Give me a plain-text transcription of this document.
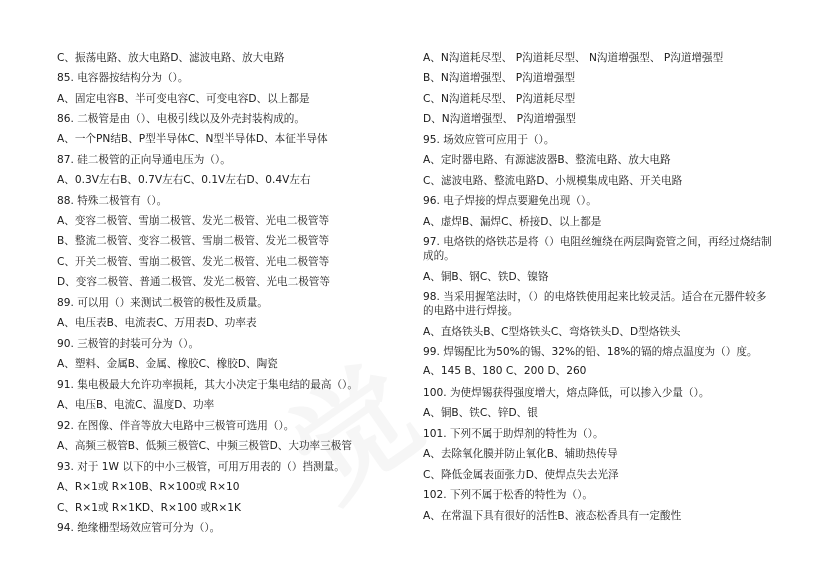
C、振荡电路、放大电路D、滤波电路、放大电路
85. 电容器按结构分为（）。
A、固定电容B、半可变电容C、可变电容D、以上都是
86. 二极管是由（）、电极引线以及外壳封装构成的。
A、一个PN结B、P型半导体C、N型半导体D、本征半导体
87. 硅二极管的正向导通电压为（）。
A、0.3V左右B、0.7V左右C、0.1V左右D、0.4V左右
88. 特殊二极管有（）。
A、变容二极管、雪崩二极管、发光二极管、光电二极管等
B、整流二极管、变容二极管、雪崩二极管、发光二极管等
C、开关二极管、雪崩二极管、发光二极管、光电二极管等
D、变容二极管、普通二极管、发光二极管、光电二极管等
89. 可以用（）来测试二极管的极性及质量。
A、电压表B、电流表C、万用表D、功率表
90. 三极管的封装可分为（）。
A、塑料、金属B、金属、橡胶C、橡胶D、陶瓷
91. 集电极最大允许功率损耗，其大小决定于集电结的最高（）。
A、电压B、电流C、温度D、功率
92. 在图像、伴音等放大电路中三极管可选用（）。
A、高频三极管B、低频三极管C、中频三极管D、大功率三极管
93. 对于 1W 以下的中小三极管，可用万用表的（）挡测量。
A、R×1或 R×10B、R×100或 R×10
C、R×1或 R×1KD、R×100 或R×1K
94. 绝缘栅型场效应管可分为（）。
A、N沟道耗尽型、 P沟道耗尽型、 N沟道增强型、 P沟道增强型
B、N沟道增强型、 P沟道增强型
C、N沟道耗尽型、 P沟道耗尽型
D、N沟道增强型、 P沟道增强型
95. 场效应管可应用于（）。
A、定时器电路、有源滤波器B、整流电路、放大电路
C、滤波电路、整流电路D、小规模集成电路、开关电路
96. 电子焊接的焊点要避免出现（）。
A、虚焊B、漏焊C、桥接D、以上都是
97. 电烙铁的烙铁芯是将（）电阻丝缠绕在两层陶瓷管之间，再经过烧结制成的。
A、铜B、钢C、铁D、镍铬
98. 当采用握笔法时，（）的电烙铁使用起来比较灵活。适合在元器件较多的电路中进行焊接。
A、直烙铁头B、C型烙铁头C、弯烙铁头D、D型烙铁头
99. 焊锡配比为50%的锡、32%的铅、18%的镉的熔点温度为（）度。
A、145 B、180 C、200 D、260
100. 为使焊锡获得强度增大，熔点降低，可以掺入少量（）。
A、铜B、铁C、锌D、银
101. 下列不属于助焊剂的特性为（）。
A、去除氧化膜并防止氧化B、辅助热传导
C、降低金属表面张力D、使焊点失去光泽
102. 下列不属于松香的特性为（）。
A、在常温下具有很好的活性B、液态松香具有一定酸性
